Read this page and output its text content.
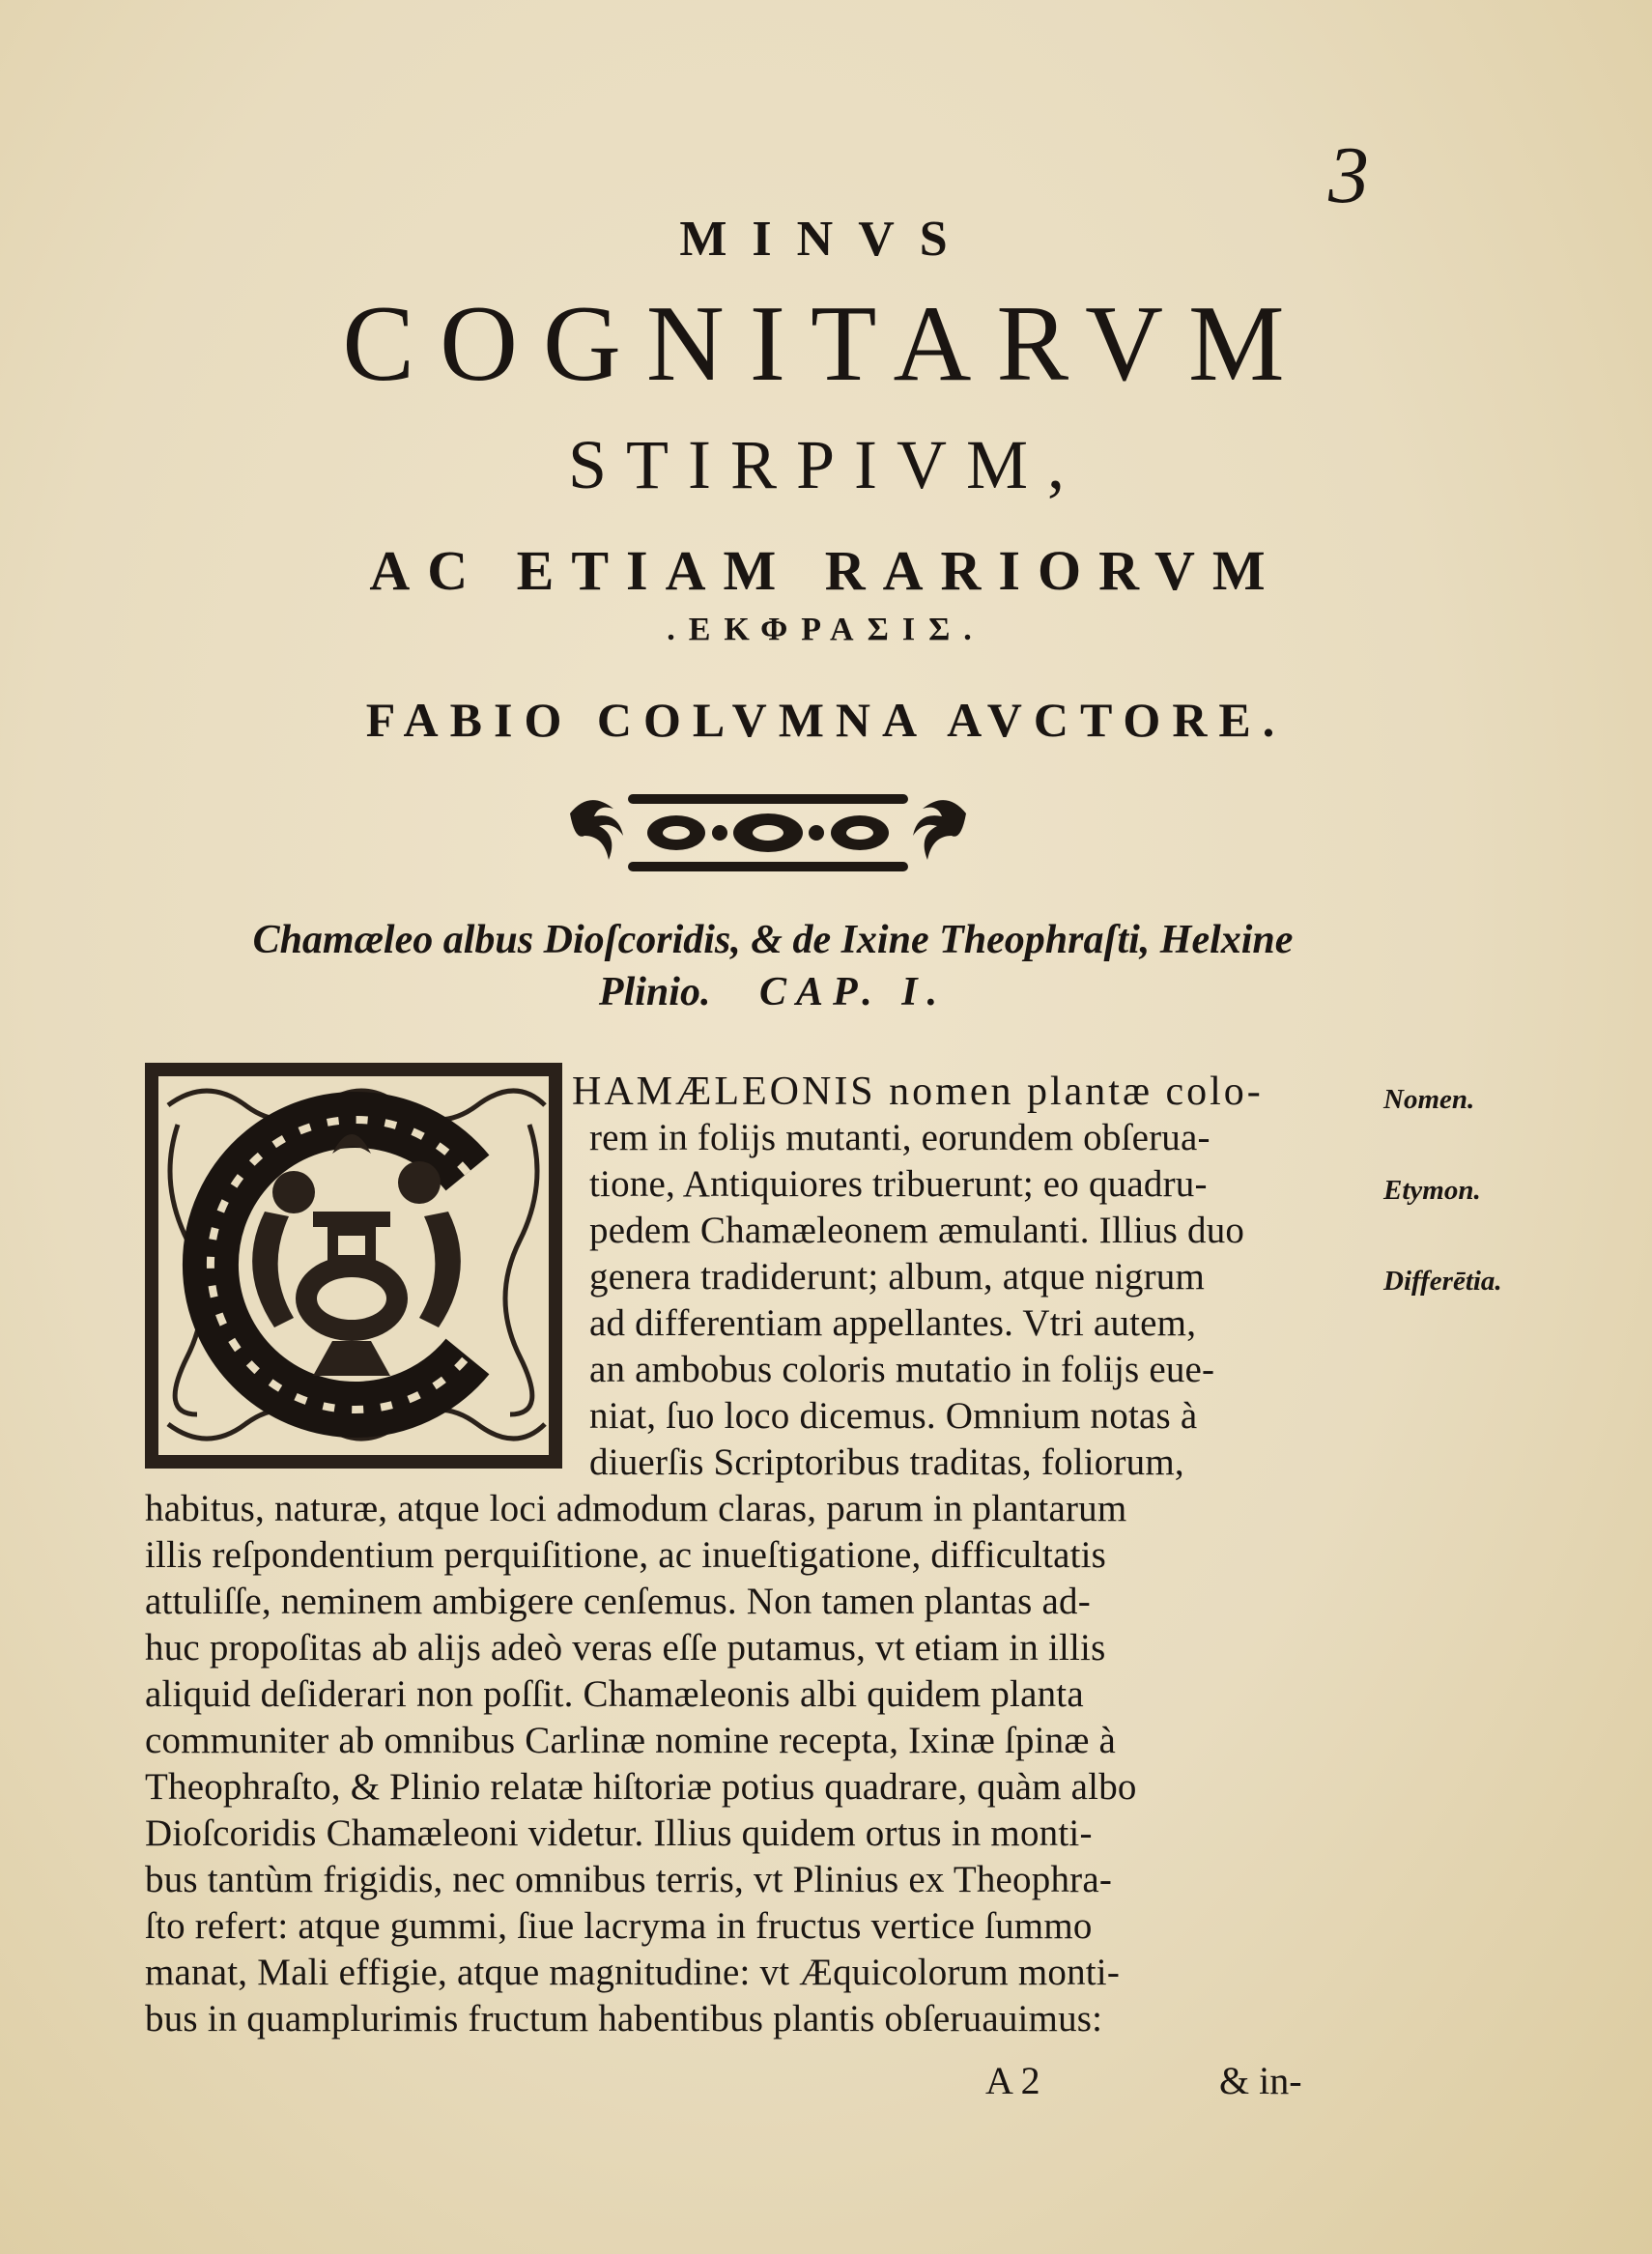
3
MINVS
COGNITARVM
STIRPIVM,
AC ETIAM RARIORVM
.ΕΚΦΡΑΣΙΣ.
FABIO COLVMNA AVCTORE.
Chamæleo albus Dioſcoridis, & de Ixine Theophraſti, Helxine
Plinio. CAP. I.
HAMÆLEONIS nomen plantæ colo-
rem in folijs mutanti, eorundem obſerua-
tione, Antiquiores tribuerunt; eo quadru-
pedem Chamæleonem æmulanti. Illius duo
genera tradiderunt; album, atque nigrum
ad differentiam appellantes. Vtri autem,
an ambobus coloris mutatio in folijs eue-
niat, ſuo loco dicemus. Omnium notas à
diuerſis Scriptoribus traditas, foliorum,
habitus, naturæ, atque loci admodum claras, parum in plantarum
illis reſpondentium perquiſitione, ac inueſtigatione, difficultatis
attuliſſe, neminem ambigere cenſemus. Non tamen plantas ad-
huc propoſitas ab alijs adeò veras eſſe putamus, vt etiam in illis
aliquid deſiderari non poſſit. Chamæleonis albi quidem planta
communiter ab omnibus Carlinæ nomine recepta, Ixinæ ſpinæ à
Theophraſto, & Plinio relatæ hiſtoriæ potius quadrare, quàm albo
Dioſcoridis Chamæleoni videtur. Illius quidem ortus in monti-
bus tantùm frigidis, nec omnibus terris, vt Plinius ex Theophra-
ſto refert: atque gummi, ſiue lacryma in fructus vertice ſummo
manat, Mali effigie, atque magnitudine: vt Æquicolorum monti-
bus in quamplurimis fructum habentibus plantis obſeruauimus:
Nomen.
Etymon.
Differētia.
A 2	& in-
